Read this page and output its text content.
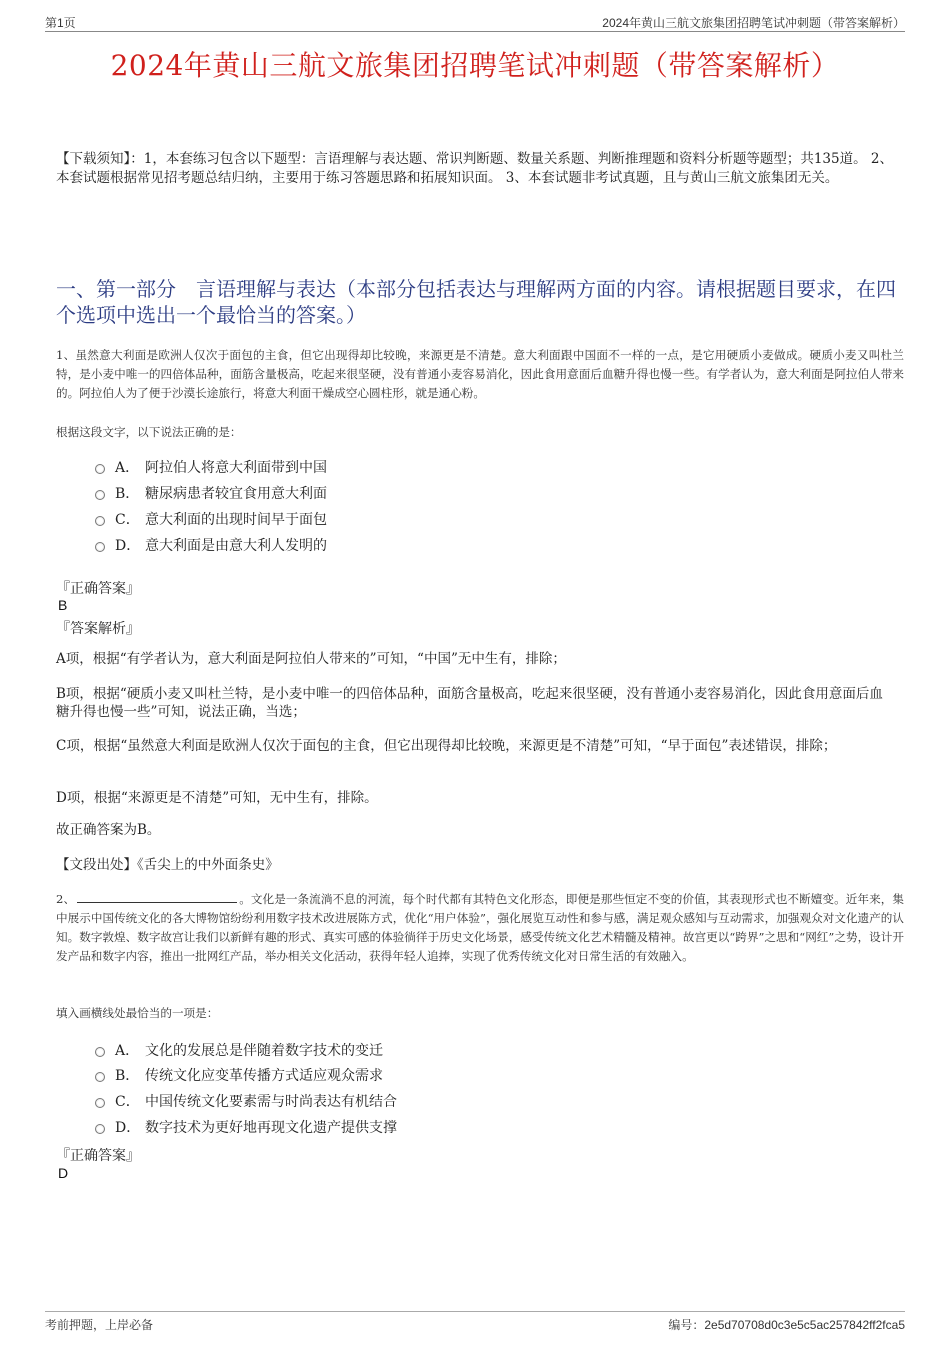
第1页	2024年黄山三航文旅集团招聘笔试冲刺题（带答案解析）
2024年黄山三航文旅集团招聘笔试冲刺题（带答案解析）
【下载须知】：1，本套练习包含以下题型：言语理解与表达题、常识判断题、数量关系题、判断推理题和资料分析题等题型；共135道。 2、本套试题根据常见招考题总结归纳，主要用于练习答题思路和拓展知识面。 3、本套试题非考试真题，且与黄山三航文旅集团无关。
一、第一部分　言语理解与表达（本部分包括表达与理解两方面的内容。请根据题目要求，在四个选项中选出一个最恰当的答案。）
1、虽然意大利面是欧洲人仅次于面包的主食，但它出现得却比较晚，来源更是不清楚。意大利面跟中国面不一样的一点，是它用硬质小麦做成。硬质小麦又叫杜兰特，是小麦中唯一的四倍体品种，面筋含量极高，吃起来很坚硬，没有普通小麦容易消化，因此食用意面后血糖升得也慢一些。有学者认为，意大利面是阿拉伯人带来的。阿拉伯人为了便于沙漠长途旅行，将意大利面干燥成空心圆柱形，就是通心粉。
根据这段文字，以下说法正确的是：
A． 阿拉伯人将意大利面带到中国
B． 糖尿病患者较宜食用意大利面
C． 意大利面的出现时间早于面包
D． 意大利面是由意大利人发明的
『正确答案』
B
『答案解析』
A项，根据“有学者认为，意大利面是阿拉伯人带来的”可知，“中国”无中生有，排除；
B项，根据“硬质小麦又叫杜兰特，是小麦中唯一的四倍体品种，面筋含量极高，吃起来很坚硬，没有普通小麦容易消化，因此食用意面后血糖升得也慢一些”可知，说法正确，当选；
C项，根据“虽然意大利面是欧洲人仅次于面包的主食，但它出现得却比较晚，来源更是不清楚”可知，“早于面包”表述错误，排除；
D项，根据“来源更是不清楚”可知，无中生有，排除。
故正确答案为B。
【文段出处】《舌尖上的中外面条史》
2、	。文化是一条流淌不息的河流，每个时代都有其特色文化形态，即便是那些恒定不变的价值，其表现形式也不断嬗变。近年来，集中展示中国传统文化的各大博物馆纷纷利用数字技术改进展陈方式，优化“用户体验”，强化展览互动性和参与感，满足观众感知与互动需求，加强观众对文化遗产的认知。数字敦煌、数字故宫让我们以新鲜有趣的形式、真实可感的体验徜徉于历史文化场景，感受传统文化艺术精髓及精神。故宫更以“跨界”之思和“网红”之势，设计开发产品和数字内容，推出一批网红产品，举办相关文化活动，获得年轻人追捧，实现了优秀传统文化对日常生活的有效融入。
填入画横线处最恰当的一项是：
A． 文化的发展总是伴随着数字技术的变迁
B． 传统文化应变革传播方式适应观众需求
C． 中国传统文化要素需与时尚表达有机结合
D． 数字技术为更好地再现文化遗产提供支撑
『正确答案』
D
考前押题，上岸必备	编号：2e5d70708d0c3e5c5ac257842ff2fca5
